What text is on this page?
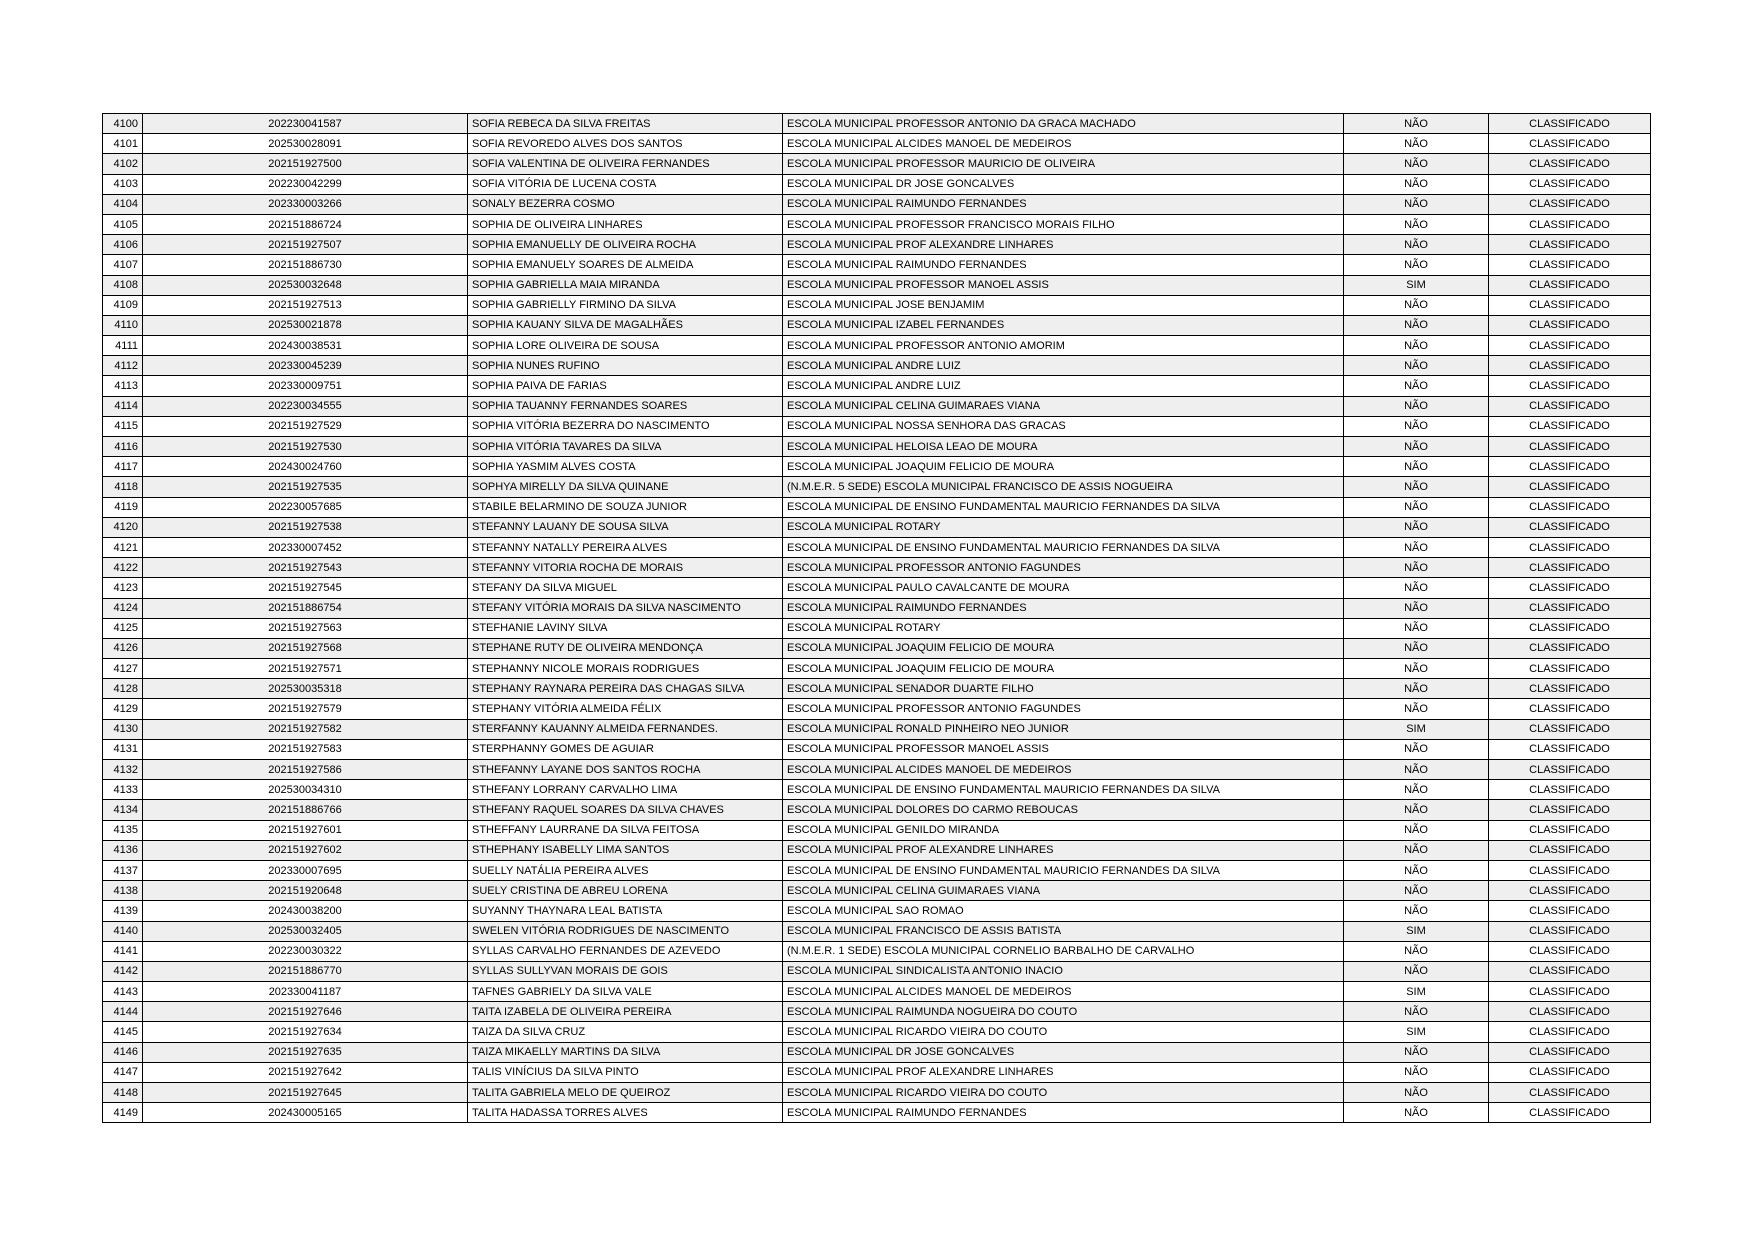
4100	202230041587	SOFIA REBECA DA SILVA FREITAS	ESCOLA MUNICIPAL PROFESSOR ANTONIO DA GRACA MACHADO	NÃO	CLASSIFICADO
4101	202530028091	SOFIA REVOREDO ALVES DOS SANTOS	ESCOLA MUNICIPAL ALCIDES MANOEL DE MEDEIROS	NÃO	CLASSIFICADO
4102	202151927500	SOFIA VALENTINA DE OLIVEIRA FERNANDES	ESCOLA MUNICIPAL PROFESSOR MAURICIO DE OLIVEIRA	NÃO	CLASSIFICADO
4103	202230042299	SOFIA VITÓRIA DE LUCENA COSTA	ESCOLA MUNICIPAL DR JOSE GONCALVES	NÃO	CLASSIFICADO
4104	202330003266	SONALY BEZERRA COSMO	ESCOLA MUNICIPAL RAIMUNDO FERNANDES	NÃO	CLASSIFICADO
4105	202151886724	SOPHIA DE OLIVEIRA LINHARES	ESCOLA MUNICIPAL PROFESSOR FRANCISCO MORAIS FILHO	NÃO	CLASSIFICADO
4106	202151927507	SOPHIA EMANUELLY DE OLIVEIRA ROCHA	ESCOLA MUNICIPAL PROF ALEXANDRE LINHARES	NÃO	CLASSIFICADO
4107	202151886730	SOPHIA EMANUELY SOARES DE ALMEIDA	ESCOLA MUNICIPAL RAIMUNDO FERNANDES	NÃO	CLASSIFICADO
4108	202530032648	SOPHIA GABRIELLA MAIA MIRANDA	ESCOLA MUNICIPAL PROFESSOR MANOEL ASSIS	SIM	CLASSIFICADO
4109	202151927513	SOPHIA GABRIELLY FIRMINO DA SILVA	ESCOLA MUNICIPAL JOSE BENJAMIM	NÃO	CLASSIFICADO
4110	202530021878	SOPHIA KAUANY SILVA DE MAGALHÃES	ESCOLA MUNICIPAL IZABEL FERNANDES	NÃO	CLASSIFICADO
4111	202430038531	SOPHIA LORE OLIVEIRA DE SOUSA	ESCOLA MUNICIPAL PROFESSOR ANTONIO AMORIM	NÃO	CLASSIFICADO
4112	202330045239	SOPHIA NUNES RUFINO	ESCOLA MUNICIPAL ANDRE LUIZ	NÃO	CLASSIFICADO
4113	202330009751	SOPHIA PAIVA DE FARIAS	ESCOLA MUNICIPAL ANDRE LUIZ	NÃO	CLASSIFICADO
4114	202230034555	SOPHIA TAUANNY FERNANDES SOARES	ESCOLA MUNICIPAL CELINA GUIMARAES VIANA	NÃO	CLASSIFICADO
4115	202151927529	SOPHIA VITÓRIA BEZERRA DO NASCIMENTO	ESCOLA MUNICIPAL NOSSA SENHORA DAS GRACAS	NÃO	CLASSIFICADO
4116	202151927530	SOPHIA VITÓRIA TAVARES DA SILVA	ESCOLA MUNICIPAL HELOISA LEAO DE MOURA	NÃO	CLASSIFICADO
4117	202430024760	SOPHIA YASMIM ALVES COSTA	ESCOLA MUNICIPAL JOAQUIM FELICIO DE MOURA	NÃO	CLASSIFICADO
4118	202151927535	SOPHYA MIRELLY DA SILVA QUINANE	(N.M.E.R. 5 SEDE) ESCOLA MUNICIPAL FRANCISCO DE ASSIS NOGUEIRA	NÃO	CLASSIFICADO
4119	202230057685	STABILE BELARMINO DE SOUZA JUNIOR	ESCOLA MUNICIPAL DE ENSINO FUNDAMENTAL MAURICIO FERNANDES DA SILVA	NÃO	CLASSIFICADO
4120	202151927538	STEFANNY LAUANY DE SOUSA SILVA	ESCOLA MUNICIPAL ROTARY	NÃO	CLASSIFICADO
4121	202330007452	STEFANNY NATALLY PEREIRA ALVES	ESCOLA MUNICIPAL DE ENSINO FUNDAMENTAL MAURICIO FERNANDES DA SILVA	NÃO	CLASSIFICADO
4122	202151927543	STEFANNY VITORIA ROCHA DE MORAIS	ESCOLA MUNICIPAL PROFESSOR ANTONIO FAGUNDES	NÃO	CLASSIFICADO
4123	202151927545	STEFANY DA SILVA MIGUEL	ESCOLA MUNICIPAL PAULO CAVALCANTE DE MOURA	NÃO	CLASSIFICADO
4124	202151886754	STEFANY VITÓRIA MORAIS DA SILVA NASCIMENTO	ESCOLA MUNICIPAL RAIMUNDO FERNANDES	NÃO	CLASSIFICADO
4125	202151927563	STEFHANIE LAVINY SILVA	ESCOLA MUNICIPAL ROTARY	NÃO	CLASSIFICADO
4126	202151927568	STEPHANE RUTY DE OLIVEIRA MENDONÇA	ESCOLA MUNICIPAL JOAQUIM FELICIO DE MOURA	NÃO	CLASSIFICADO
4127	202151927571	STEPHANNY NICOLE MORAIS RODRIGUES	ESCOLA MUNICIPAL JOAQUIM FELICIO DE MOURA	NÃO	CLASSIFICADO
4128	202530035318	STEPHANY RAYNARA PEREIRA DAS CHAGAS SILVA	ESCOLA MUNICIPAL SENADOR DUARTE FILHO	NÃO	CLASSIFICADO
4129	202151927579	STEPHANY VITÓRIA ALMEIDA FÉLIX	ESCOLA MUNICIPAL PROFESSOR ANTONIO FAGUNDES	NÃO	CLASSIFICADO
4130	202151927582	STERFANNY KAUANNY ALMEIDA FERNANDES.	ESCOLA MUNICIPAL RONALD PINHEIRO NEO JUNIOR	SIM	CLASSIFICADO
4131	202151927583	STERPHANNY GOMES DE AGUIAR	ESCOLA MUNICIPAL PROFESSOR MANOEL ASSIS	NÃO	CLASSIFICADO
4132	202151927586	STHEFANNY LAYANE DOS SANTOS ROCHA	ESCOLA MUNICIPAL ALCIDES MANOEL DE MEDEIROS	NÃO	CLASSIFICADO
4133	202530034310	STHEFANY LORRANY CARVALHO LIMA	ESCOLA MUNICIPAL DE ENSINO FUNDAMENTAL MAURICIO FERNANDES DA SILVA	NÃO	CLASSIFICADO
4134	202151886766	STHEFANY RAQUEL SOARES DA SILVA CHAVES	ESCOLA MUNICIPAL DOLORES DO CARMO REBOUCAS	NÃO	CLASSIFICADO
4135	202151927601	STHEFFANY LAURRANE DA SILVA FEITOSA	ESCOLA MUNICIPAL GENILDO MIRANDA	NÃO	CLASSIFICADO
4136	202151927602	STHEPHANY ISABELLY LIMA SANTOS	ESCOLA MUNICIPAL PROF ALEXANDRE LINHARES	NÃO	CLASSIFICADO
4137	202330007695	SUELLY NATÁLIA PEREIRA ALVES	ESCOLA MUNICIPAL DE ENSINO FUNDAMENTAL MAURICIO FERNANDES DA SILVA	NÃO	CLASSIFICADO
4138	202151920648	SUELY CRISTINA DE ABREU LORENA	ESCOLA MUNICIPAL CELINA GUIMARAES VIANA	NÃO	CLASSIFICADO
4139	202430038200	SUYANNY THAYNARA LEAL BATISTA	ESCOLA MUNICIPAL SAO ROMAO	NÃO	CLASSIFICADO
4140	202530032405	SWELEN VITÓRIA RODRIGUES DE NASCIMENTO	ESCOLA MUNICIPAL FRANCISCO DE ASSIS BATISTA	SIM	CLASSIFICADO
4141	202230030322	SYLLAS CARVALHO FERNANDES DE AZEVEDO	(N.M.E.R. 1 SEDE) ESCOLA MUNICIPAL CORNELIO BARBALHO DE CARVALHO	NÃO	CLASSIFICADO
4142	202151886770	SYLLAS SULLYVAN MORAIS DE GOIS	ESCOLA MUNICIPAL SINDICALISTA ANTONIO INACIO	NÃO	CLASSIFICADO
4143	202330041187	TAFNES GABRIELY DA SILVA VALE	ESCOLA MUNICIPAL ALCIDES MANOEL DE MEDEIROS	SIM	CLASSIFICADO
4144	202151927646	TAITA IZABELA DE OLIVEIRA PEREIRA	ESCOLA MUNICIPAL RAIMUNDA NOGUEIRA DO COUTO	NÃO	CLASSIFICADO
4145	202151927634	TAIZA DA SILVA CRUZ	ESCOLA MUNICIPAL RICARDO VIEIRA DO COUTO	SIM	CLASSIFICADO
4146	202151927635	TAIZA MIKAELLY MARTINS DA SILVA	ESCOLA MUNICIPAL DR JOSE GONCALVES	NÃO	CLASSIFICADO
4147	202151927642	TALIS VINÍCIUS DA SILVA PINTO	ESCOLA MUNICIPAL PROF ALEXANDRE LINHARES	NÃO	CLASSIFICADO
4148	202151927645	TALITA GABRIELA MELO DE QUEIROZ	ESCOLA MUNICIPAL RICARDO VIEIRA DO COUTO	NÃO	CLASSIFICADO
4149	202430005165	TALITA HADASSA TORRES ALVES	ESCOLA MUNICIPAL RAIMUNDO FERNANDES	NÃO	CLASSIFICADO
